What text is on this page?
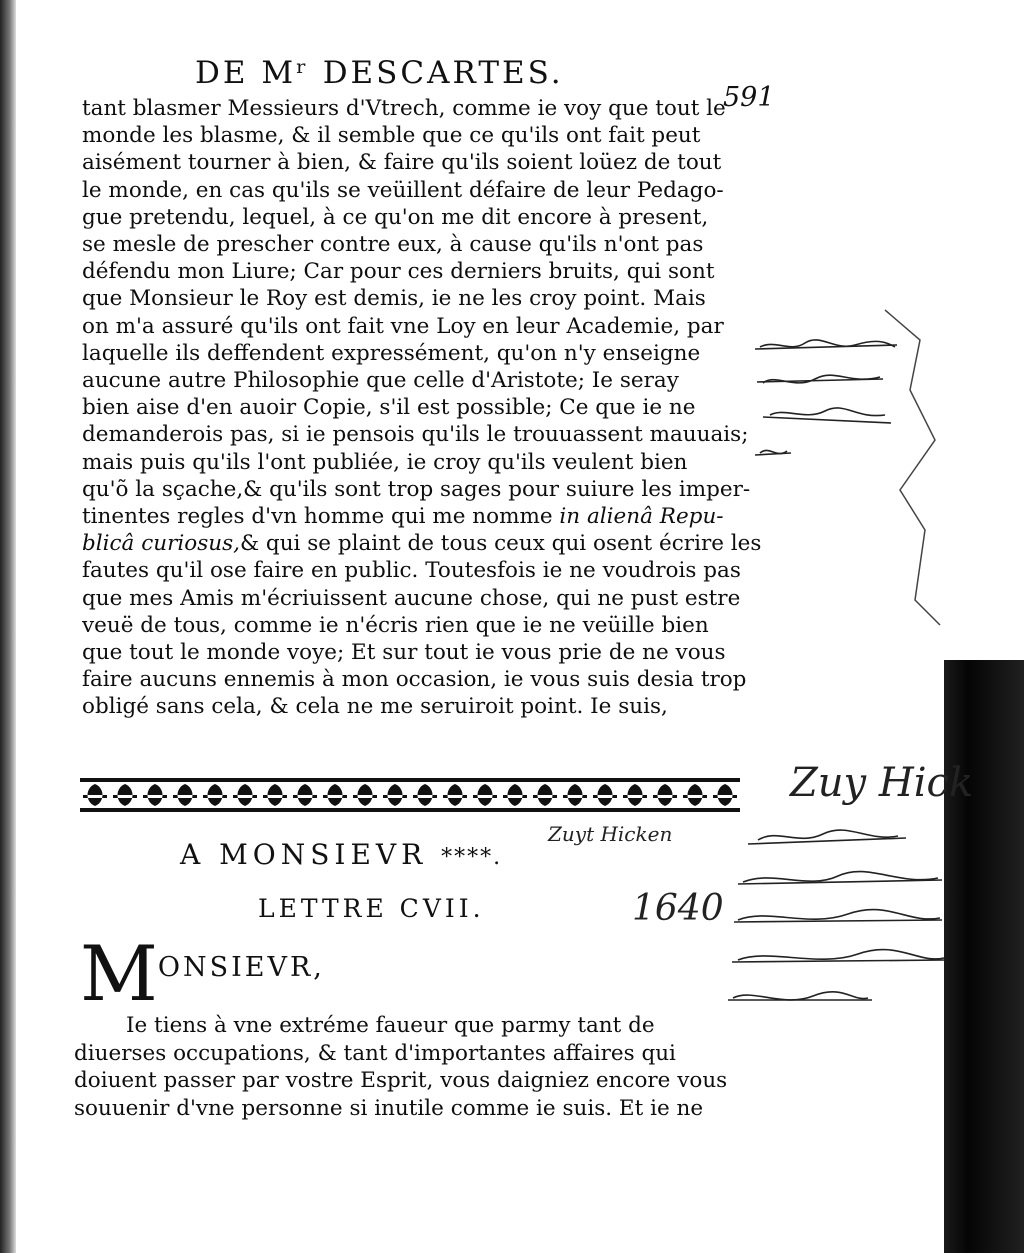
DE Mʳ DESCARTES.
591
tant blasmer Messieurs d'Vtrech, comme ie voy que tout le
monde les blasme, & il semble que ce qu'ils ont fait peut
aisément tourner à bien, & faire qu'ils soient loüez de tout
le monde, en cas qu'ils se veüillent défaire de leur Pedago-
gue pretendu, lequel, à ce qu'on me dit encore à present,
se mesle de prescher contre eux, à cause qu'ils n'ont pas
défendu mon Liure; Car pour ces derniers bruits, qui sont
que Monsieur le Roy est demis, ie ne les croy point. Mais
on m'a assuré qu'ils ont fait vne Loy en leur Academie, par
laquelle ils deffendent expressément, qu'on n'y enseigne
aucune autre Philosophie que celle d'Aristote; Ie seray
bien aise d'en auoir Copie, s'il est possible; Ce que ie ne
demanderois pas, si ie pensois qu'ils le trouuassent mauuais;
mais puis qu'ils l'ont publiée, ie croy qu'ils veulent bien
qu'õ la sçache,& qu'ils sont trop sages pour suiure les imper-
tinentes regles d'vn homme qui me nomme in alienâ Repu-
blicâ curiosus,& qui se plaint de tous ceux qui osent écrire les
fautes qu'il ose faire en public. Toutesfois ie ne voudrois pas
que mes Amis m'écriuissent aucune chose, qui ne pust estre
veuë de tous, comme ie n'écris rien que ie ne veüille bien
que tout le monde voye; Et sur tout ie vous prie de ne vous
faire aucuns ennemis à mon occasion, ie vous suis desia trop
obligé sans cela, & cela ne me seruiroit point. Ie suis,
A MONSIEVR ****.
LETTRE CVII.
MONSIEVR,
Ie tiens à vne extréme faueur que parmy tant de
diuerses occupations, & tant d'importantes affaires qui
doiuent passer par vostre Esprit, vous daigniez encore vous
souuenir d'vne personne si inutile comme ie suis. Et ie ne
Zuyt Hicken
1640
Zuy Hick
